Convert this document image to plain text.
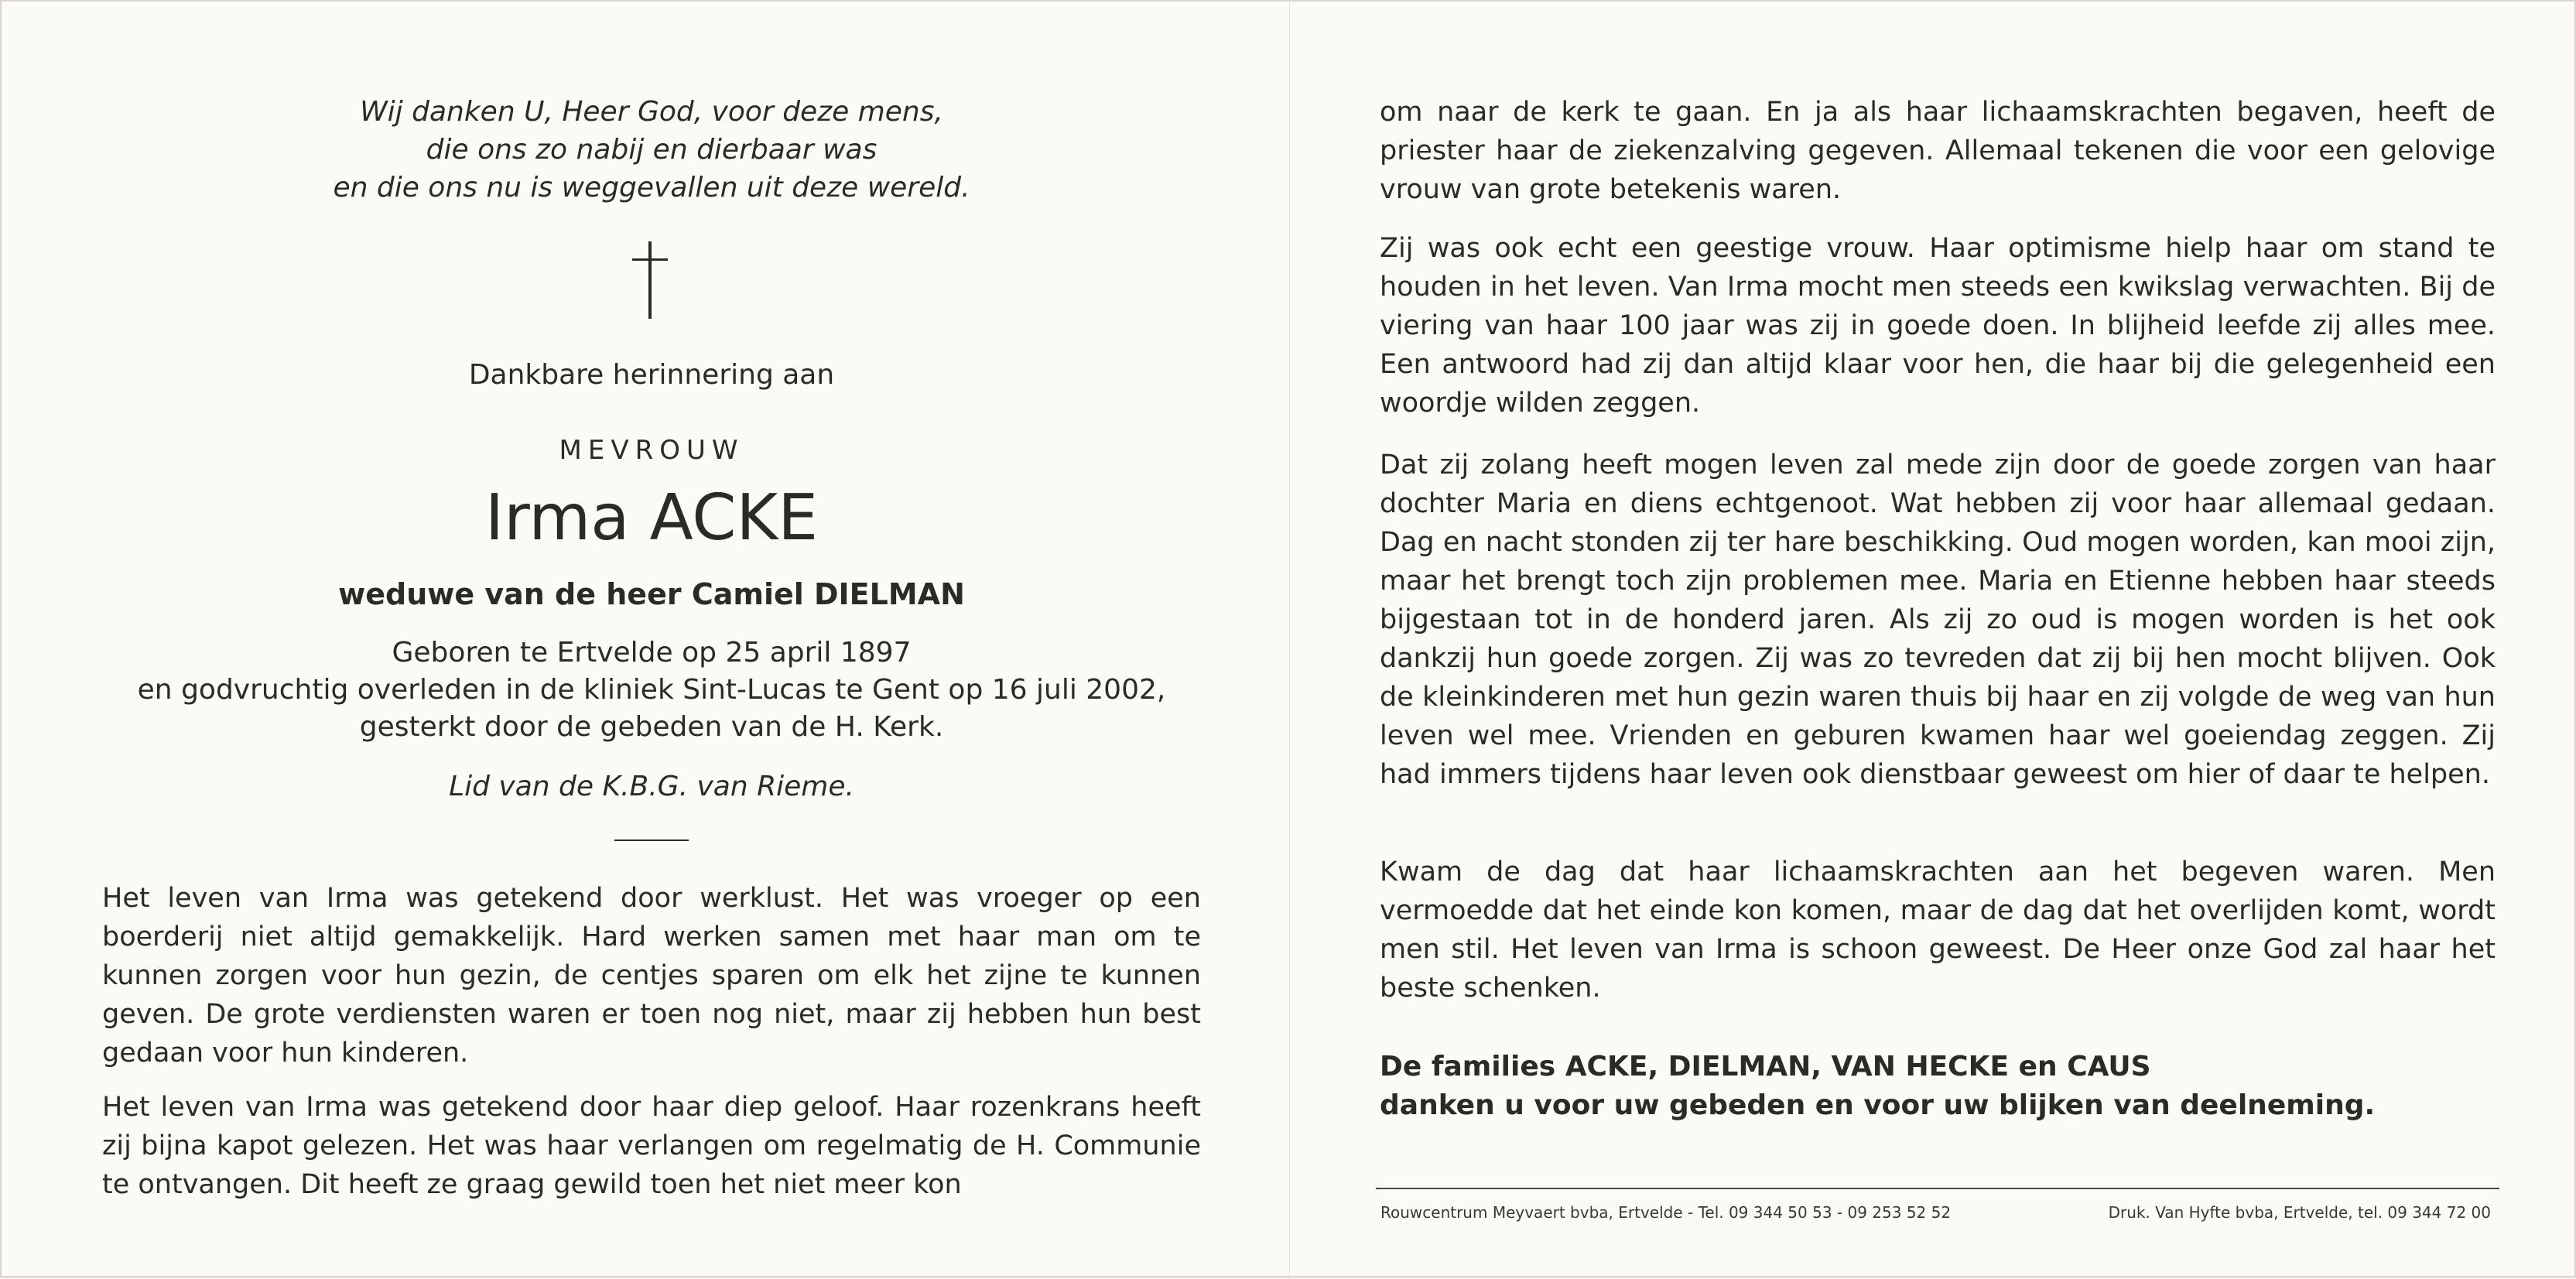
Wij danken U, Heer God, voor deze mens,
die ons zo nabij en dierbaar was
en die ons nu is weggevallen uit deze wereld.
Dankbare herinnering aan
MEVROUW
Irma ACKE
weduwe van de heer Camiel DIELMAN
Geboren te Ertvelde op 25 april 1897
en godvruchtig overleden in de kliniek Sint-Lucas te Gent op 16 juli 2002,
gesterkt door de gebeden van de H. Kerk.
Lid van de K.B.G. van Rieme.

Het leven van Irma was getekend door werklust. Het was vroeger op een boerderij niet altijd gemakkelijk. Hard werken samen met haar man om te kunnen zorgen voor hun gezin, de centjes sparen om elk het zijne te kunnen geven. De grote verdiensten waren er toen nog niet, maar zij hebben hun best gedaan voor hun kinderen.

Het leven van Irma was getekend door haar diep geloof. Haar rozenkrans heeft zij bijna kapot gelezen. Het was haar verlangen om regelmatig de H. Communie te ontvangen. Dit heeft ze graag gewild toen het niet meer kon

om naar de kerk te gaan. En ja als haar lichaamskrachten begaven, heeft de priester haar de ziekenzalving gegeven. Allemaal tekenen die voor een gelovige vrouw van grote betekenis waren.

Zij was ook echt een geestige vrouw. Haar optimisme hielp haar om stand te houden in het leven. Van Irma mocht men steeds een kwikslag verwachten. Bij de viering van haar 100 jaar was zij in goede doen. In blijheid leefde zij alles mee. Een antwoord had zij dan altijd klaar voor hen, die haar bij die gelegenheid een woordje wilden zeggen.

Dat zij zolang heeft mogen leven zal mede zijn door de goede zorgen van haar dochter Maria en diens echtgenoot. Wat hebben zij voor haar allemaal gedaan. Dag en nacht stonden zij ter hare beschikking. Oud mogen worden, kan mooi zijn, maar het brengt toch zijn problemen mee. Maria en Etienne hebben haar steeds bijgestaan tot in de honderd jaren. Als zij zo oud is mogen worden is het ook dankzij hun goede zorgen. Zij was zo tevreden dat zij bij hen mocht blijven. Ook de kleinkinderen met hun gezin waren thuis bij haar en zij volgde de weg van hun leven wel mee. Vrienden en geburen kwamen haar wel goeiendag zeggen. Zij had immers tijdens haar leven ook dienstbaar geweest om hier of daar te helpen.

Kwam de dag dat haar lichaamskrachten aan het begeven waren. Men vermoedde dat het einde kon komen, maar de dag dat het overlijden komt, wordt men stil. Het leven van Irma is schoon geweest. De Heer onze God zal haar het beste schenken.

De families ACKE, DIELMAN, VAN HECKE en CAUS
danken u voor uw gebeden en voor uw blijken van deelneming.
Rouwcentrum Meyvaert bvba, Ertvelde - Tel. 09 344 50 53 - 09 253 52 52	Druk. Van Hyfte bvba, Ertvelde, tel. 09 344 72 00
